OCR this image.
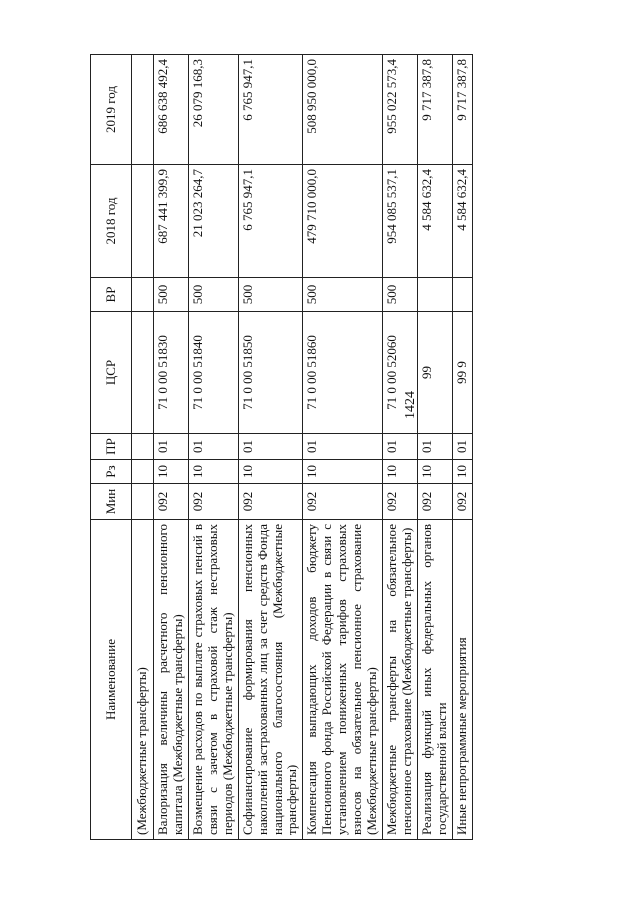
1424
Наименование	Мин	Рз	ПР	ЦСР	ВР	2018 год	2019 год
(Межбюджетные трансферты)							
Валоризация величины расчетного пенсионного капитала (Межбюджетные трансферты)	092	10	01	71 0 00 51830	500	687 441 399,9	686 638 492,4
Возмещение расходов по выплате страховых пенсий в связи с зачетом в страховой стаж нестраховых периодов (Межбюджетные трансферты)	092	10	01	71 0 00 51840	500	21 023 264,7	26 079 168,3
Софинансирование формирования пенсионных накоплений застрахованных лиц за счет средств Фонда национального благосостояния (Межбюджетные трансферты)	092	10	01	71 0 00 51850	500	6 765 947,1	6 765 947,1
Компенсация выпадающих доходов бюджету Пенсионного фонда Российской Федерации в связи с установлением пониженных тарифов страховых взносов на обязательное пенсионное страхование (Межбюджетные трансферты)	092	10	01	71 0 00 51860	500	479 710 000,0	508 950 000,0
Межбюджетные трансферты на обязательное пенсионное страхование (Межбюджетные трансферты)	092	10	01	71 0 00 52060	500	954 085 537,1	955 022 573,4
Реализация функций иных федеральных органов государственной власти	092	10	01	99		4 584 632,4	9 717 387,8
Иные непрограммные мероприятия	092	10	01	99 9		4 584 632,4	9 717 387,8
